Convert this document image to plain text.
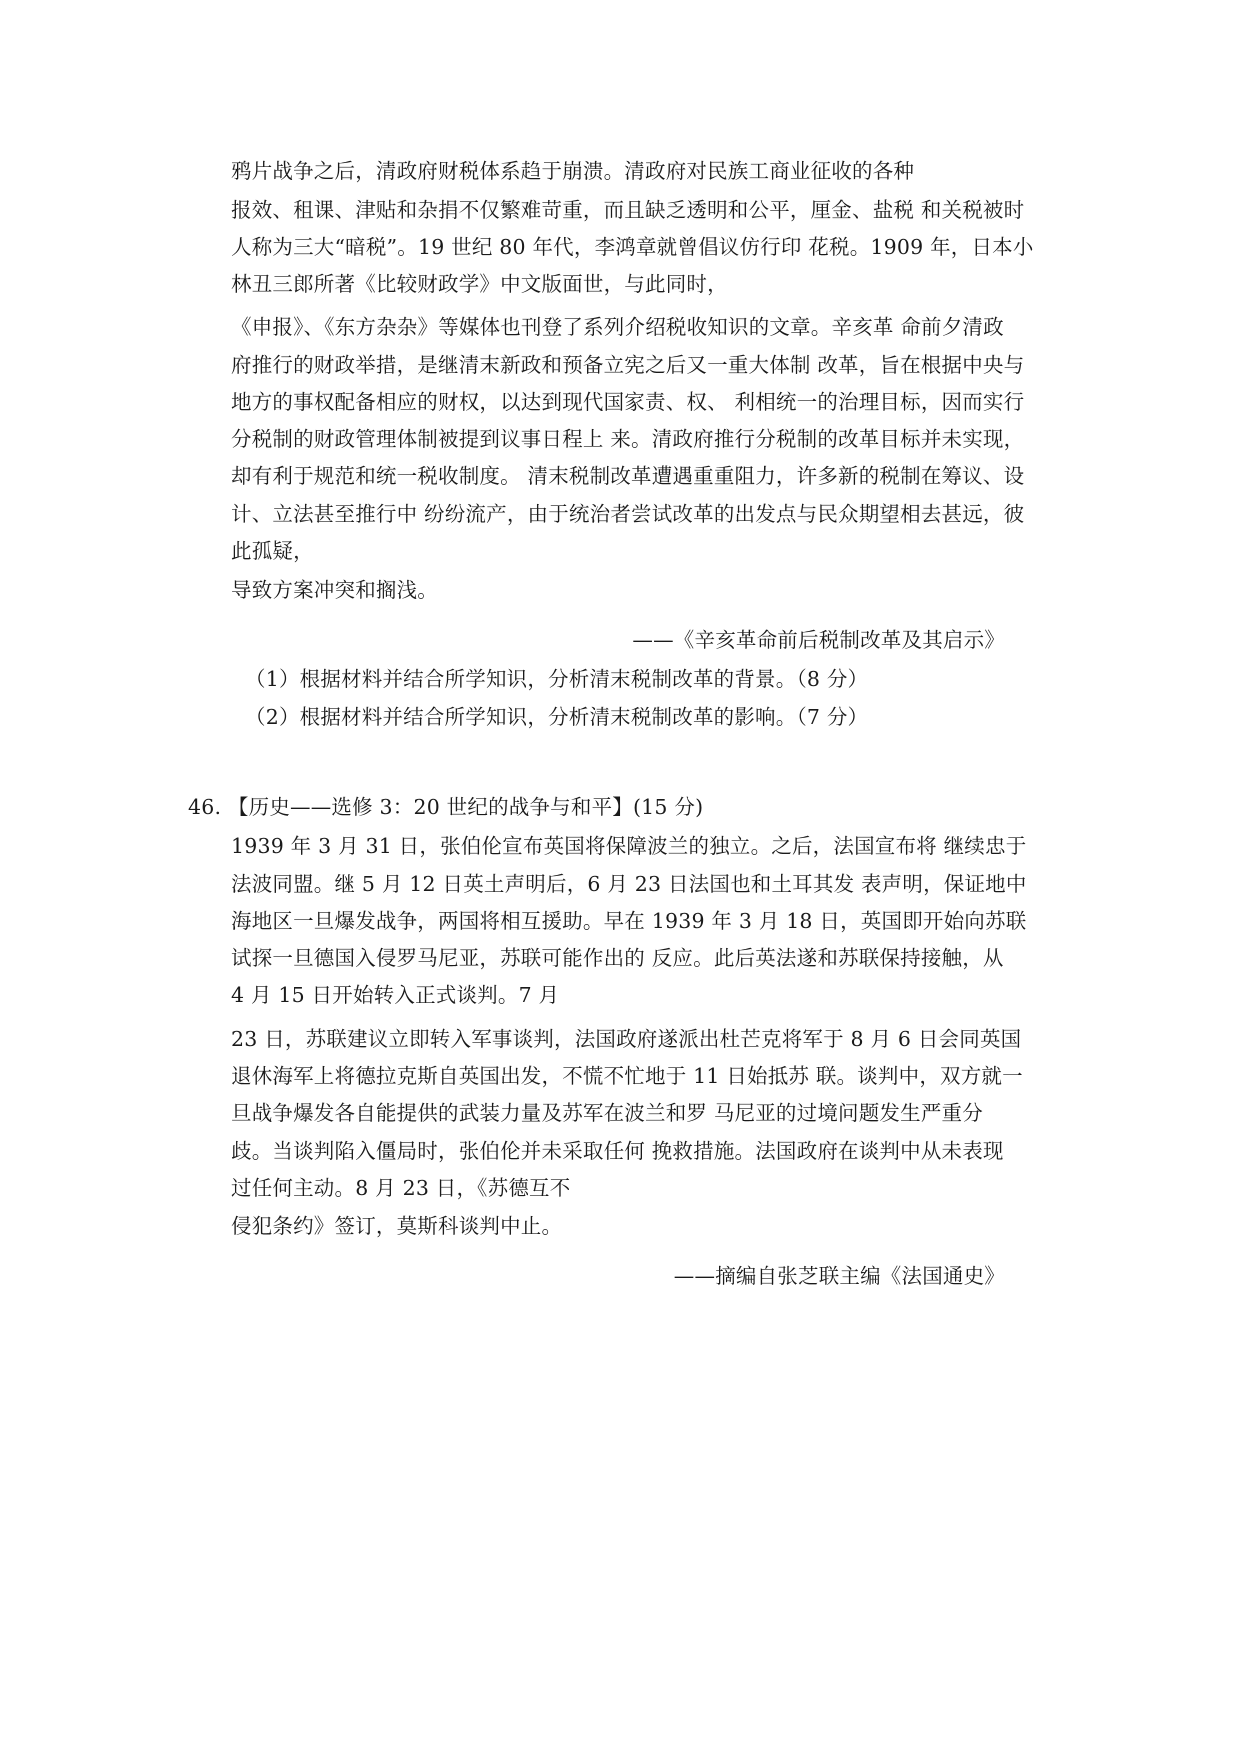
鸦片战争之后，清政府财税体系趋于崩溃。清政府对民族工商业征收的各种
报效、租课、津贴和杂捐不仅繁难苛重，而且缺乏透明和公平，厘金、盐税 和关税被时
人称为三大“暗税”。19 世纪 80 年代，李鸿章就曾倡议仿行印 花税。1909 年，日本小
林丑三郎所著《比较财政学》中文版面世，与此同时，
《申报》、《东方杂杂》等媒体也刊登了系列介绍税收知识的文章。辛亥革 命前夕清政
府推行的财政举措，是继清末新政和预备立宪之后又一重大体制 改革，旨在根据中央与
地方的事权配备相应的财权，以达到现代国家责、权、 利相统一的治理目标，因而实行
分税制的财政管理体制被提到议事日程上 来。清政府推行分税制的改革目标并未实现，
却有利于规范和统一税收制度。 清末税制改革遭遇重重阻力，许多新的税制在筹议、设
计、立法甚至推行中 纷纷流产，由于统治者尝试改革的出发点与民众期望相去甚远，彼
此孤疑，
导致方案冲突和搁浅。
——《辛亥革命前后税制改革及其启示》
（1）根据材料并结合所学知识，分析清末税制改革的背景。（8 分）
（2）根据材料并结合所学知识，分析清末税制改革的影响。（7 分）
46. 【历史——选修 3：20 世纪的战争与和平】(15 分)
1939 年 3 月 31 日，张伯伦宣布英国将保障波兰的独立。之后，法国宣布将 继续忠于
法波同盟。继 5 月 12 日英土声明后，6 月 23 日法国也和土耳其发 表声明，保证地中
海地区一旦爆发战争，两国将相互援助。早在 1939 年 3 月 18 日，英国即开始向苏联
试探一旦德国入侵罗马尼亚，苏联可能作出的 反应。此后英法遂和苏联保持接触，从
4 月 15 日开始转入正式谈判。7 月
23 日，苏联建议立即转入军事谈判，法国政府遂派出杜芒克将军于 8 月 6 日会同英国
退休海军上将德拉克斯自英国出发，不慌不忙地于 11 日始抵苏 联。谈判中，双方就一
旦战争爆发各自能提供的武装力量及苏军在波兰和罗 马尼亚的过境问题发生严重分
歧。当谈判陷入僵局时，张伯伦并未采取任何 挽救措施。法国政府在谈判中从未表现
过任何主动。8 月 23 日，《苏德互不
侵犯条约》签订，莫斯科谈判中止。
——摘编自张芝联主编《法国通史》
